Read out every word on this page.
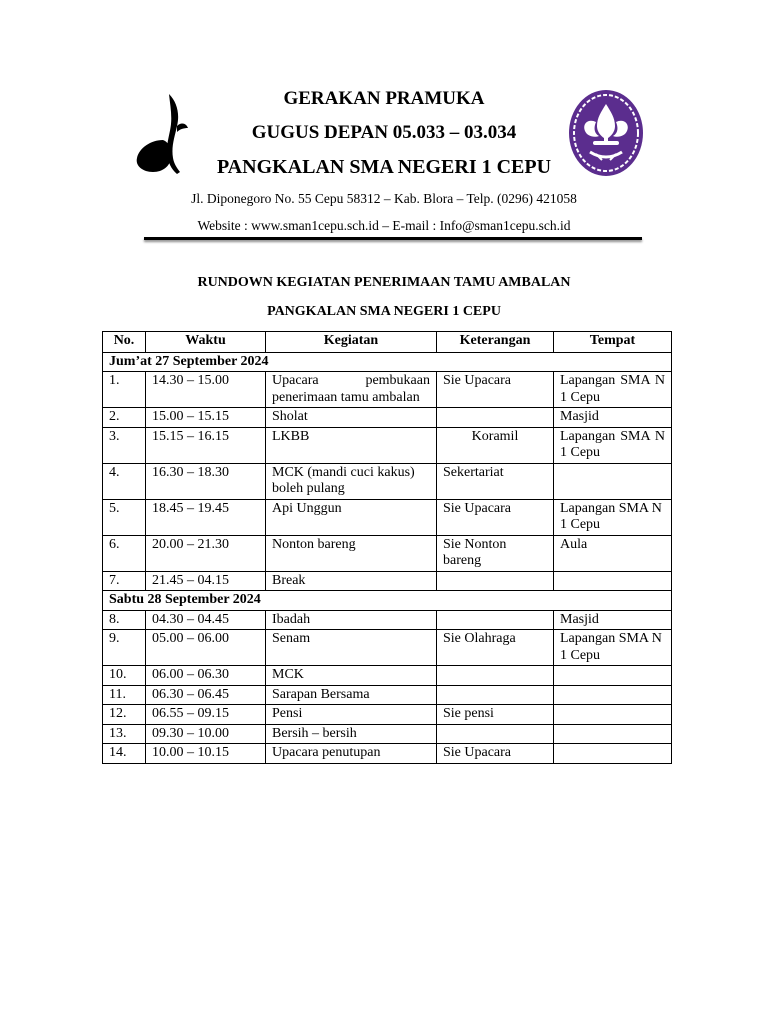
GERAKAN PRAMUKA
GUGUS DEPAN 05.033 – 03.034
PANGKALAN SMA NEGERI 1 CEPU
Jl. Diponegoro No. 55 Cepu 58312 – Kab. Blora – Telp. (0296) 421058
Website : www.sman1cepu.sch.id – E-mail : Info@sman1cepu.sch.id
RUNDOWN KEGIATAN PENERIMAAN TAMU AMBALAN
PANGKALAN SMA NEGERI 1 CEPU
No.	Waktu	Kegiatan	Keterangan	Tempat
Jum’at 27 September 2024				
1.	14.30 – 15.00	Upacara pembukaan penerimaan tamu ambalan	Sie Upacara	Lapangan SMA N 1 Cepu
2.	15.00 – 15.15	Sholat		Masjid
3.	15.15 – 16.15	LKBB	Koramil	Lapangan SMA N 1 Cepu
4.	16.30 – 18.30	MCK (mandi cuci kakus) boleh pulang	Sekertariat	
5.	18.45 – 19.45	Api Unggun	Sie Upacara	Lapangan SMA N 1 Cepu
6.	20.00 – 21.30	Nonton bareng	Sie Nonton bareng	Aula
7.	21.45 – 04.15	Break		
Sabtu 28 September 2024				
8.	04.30 – 04.45	Ibadah		Masjid
9.	05.00 – 06.00	Senam	Sie Olahraga	Lapangan SMA N 1 Cepu
10.	06.00 – 06.30	MCK		
11.	06.30 – 06.45	Sarapan Bersama		
12.	06.55 – 09.15	Pensi	Sie pensi	
13.	09.30 – 10.00	Bersih – bersih		
14.	10.00 – 10.15	Upacara penutupan	Sie Upacara	
